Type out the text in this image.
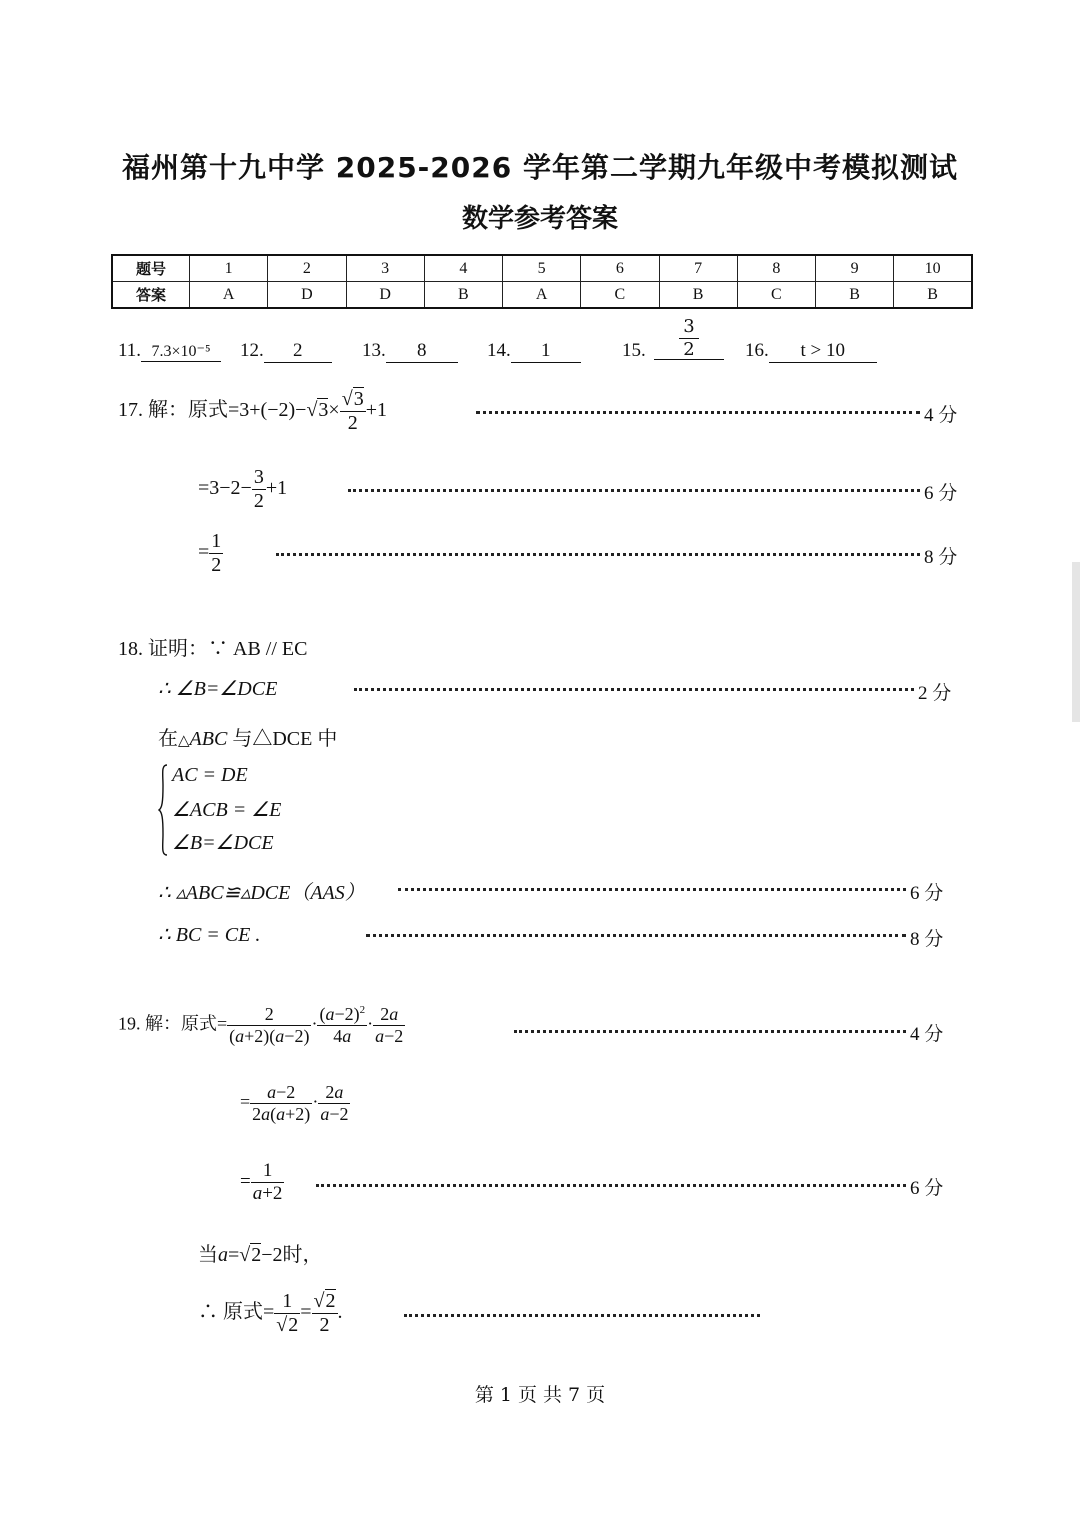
福州第十九中学 2025-2026 学年第二学期九年级中考模拟测试
数学参考答案
题号	1	2	3	4	5	6	7	8	9	10
答案	A	D	D	B	A	C	B	C	B	B
11. 7.3×10⁻⁵	12. 2	13. 8	14. 1	15.
3
2	16. t > 10
17. 解：原式$=3+(-2)-√3\times \frac{√3}{2} +1$	4 分
$=3-2- \frac{3}{2} +1$	6 分
= $\frac{1}{2}$	8 分
18. 证明：∵ AB // EC
∴ ∠B=∠DCE	2 分
在△ABC 与△DCE 中
AC = DE
∠ACB = ∠E
∠B=∠DCE
∴ ▵ABC≌▵DCE（AAS）	6 分
∴ BC = CE .	8 分
19. 解：原式= $\frac{2}{(a+2)(a-2)} \cdot \frac{(a-2)^2}{4a} \cdot \frac{2a}{a-2}$	4 分
= $\frac{a-2}{2a(a+2)} \cdot \frac{2a}{a-2}$
= $\frac{1}{a+2}$	6 分
当a=√2−2时，
∴ 原式= $\frac{1}{√2} = \frac{√2}{2}$ .
第 1 页 共 7 页
